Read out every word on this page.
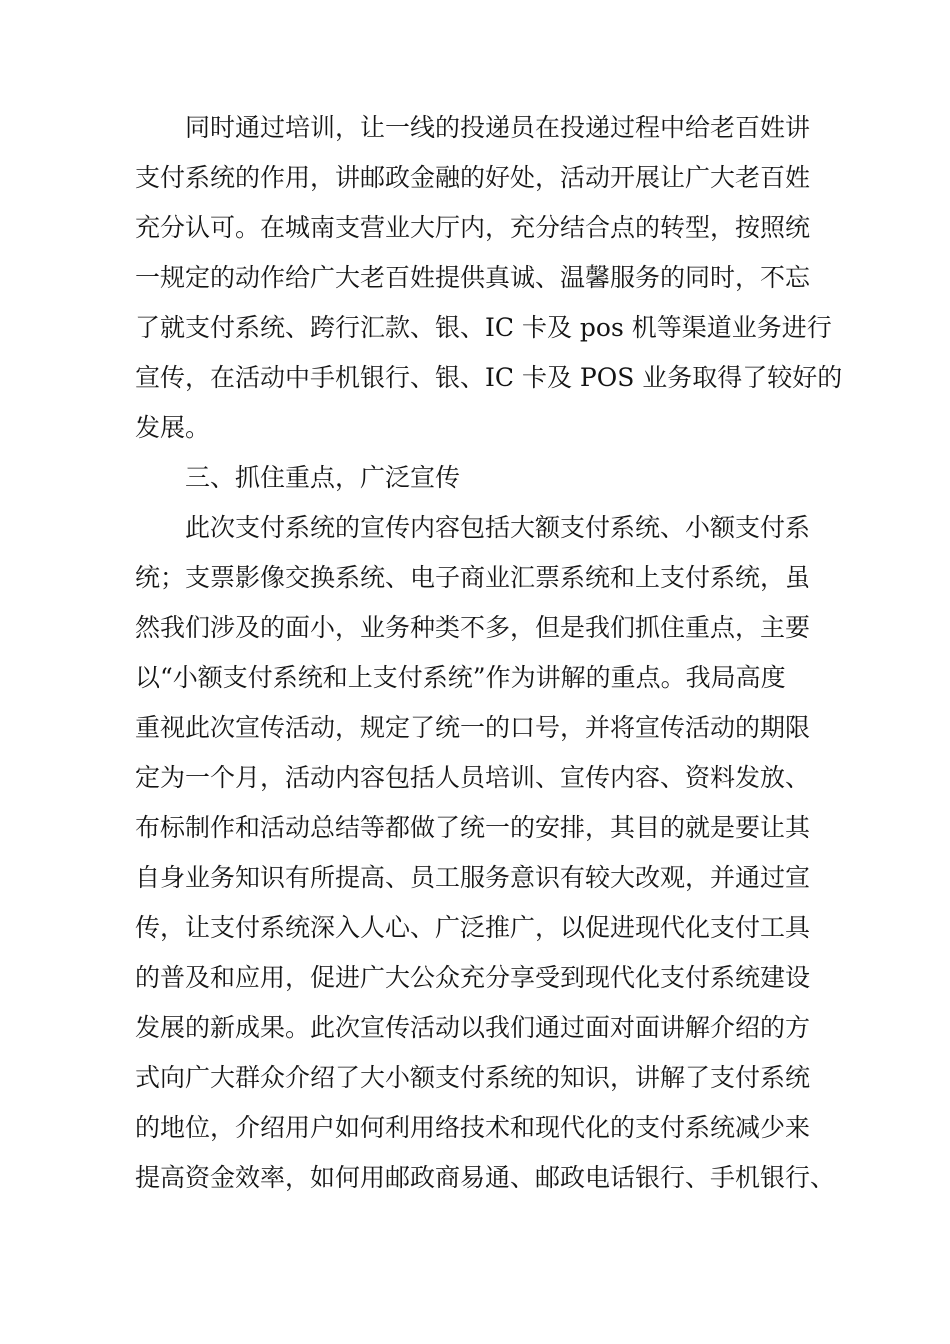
同时通过培训，让一线的投递员在投递过程中给老百姓讲
支付系统的作用，讲邮政金融的好处，活动开展让广大老百姓
充分认可。在城南支营业大厅内，充分结合点的转型，按照统
一规定的动作给广大老百姓提供真诚、温馨服务的同时，不忘
了就支付系统、跨行汇款、银、IC 卡及 pos 机等渠道业务进行
宣传，在活动中手机银行、银、IC 卡及 POS 业务取得了较好的
发展。
三、抓住重点，广泛宣传
此次支付系统的宣传内容包括大额支付系统、小额支付系
统；支票影像交换系统、电子商业汇票系统和上支付系统，虽
然我们涉及的面小，业务种类不多，但是我们抓住重点，主要
以“小额支付系统和上支付系统”作为讲解的重点。我局高度
重视此次宣传活动，规定了统一的口号，并将宣传活动的期限
定为一个月，活动内容包括人员培训、宣传内容、资料发放、
布标制作和活动总结等都做了统一的安排，其目的就是要让其
自身业务知识有所提高、员工服务意识有较大改观，并通过宣
传，让支付系统深入人心、广泛推广，以促进现代化支付工具
的普及和应用，促进广大公众充分享受到现代化支付系统建设
发展的新成果。此次宣传活动以我们通过面对面讲解介绍的方
式向广大群众介绍了大小额支付系统的知识，讲解了支付系统
的地位，介绍用户如何利用络技术和现代化的支付系统减少来
提高资金效率，如何用邮政商易通、邮政电话银行、手机银行、
